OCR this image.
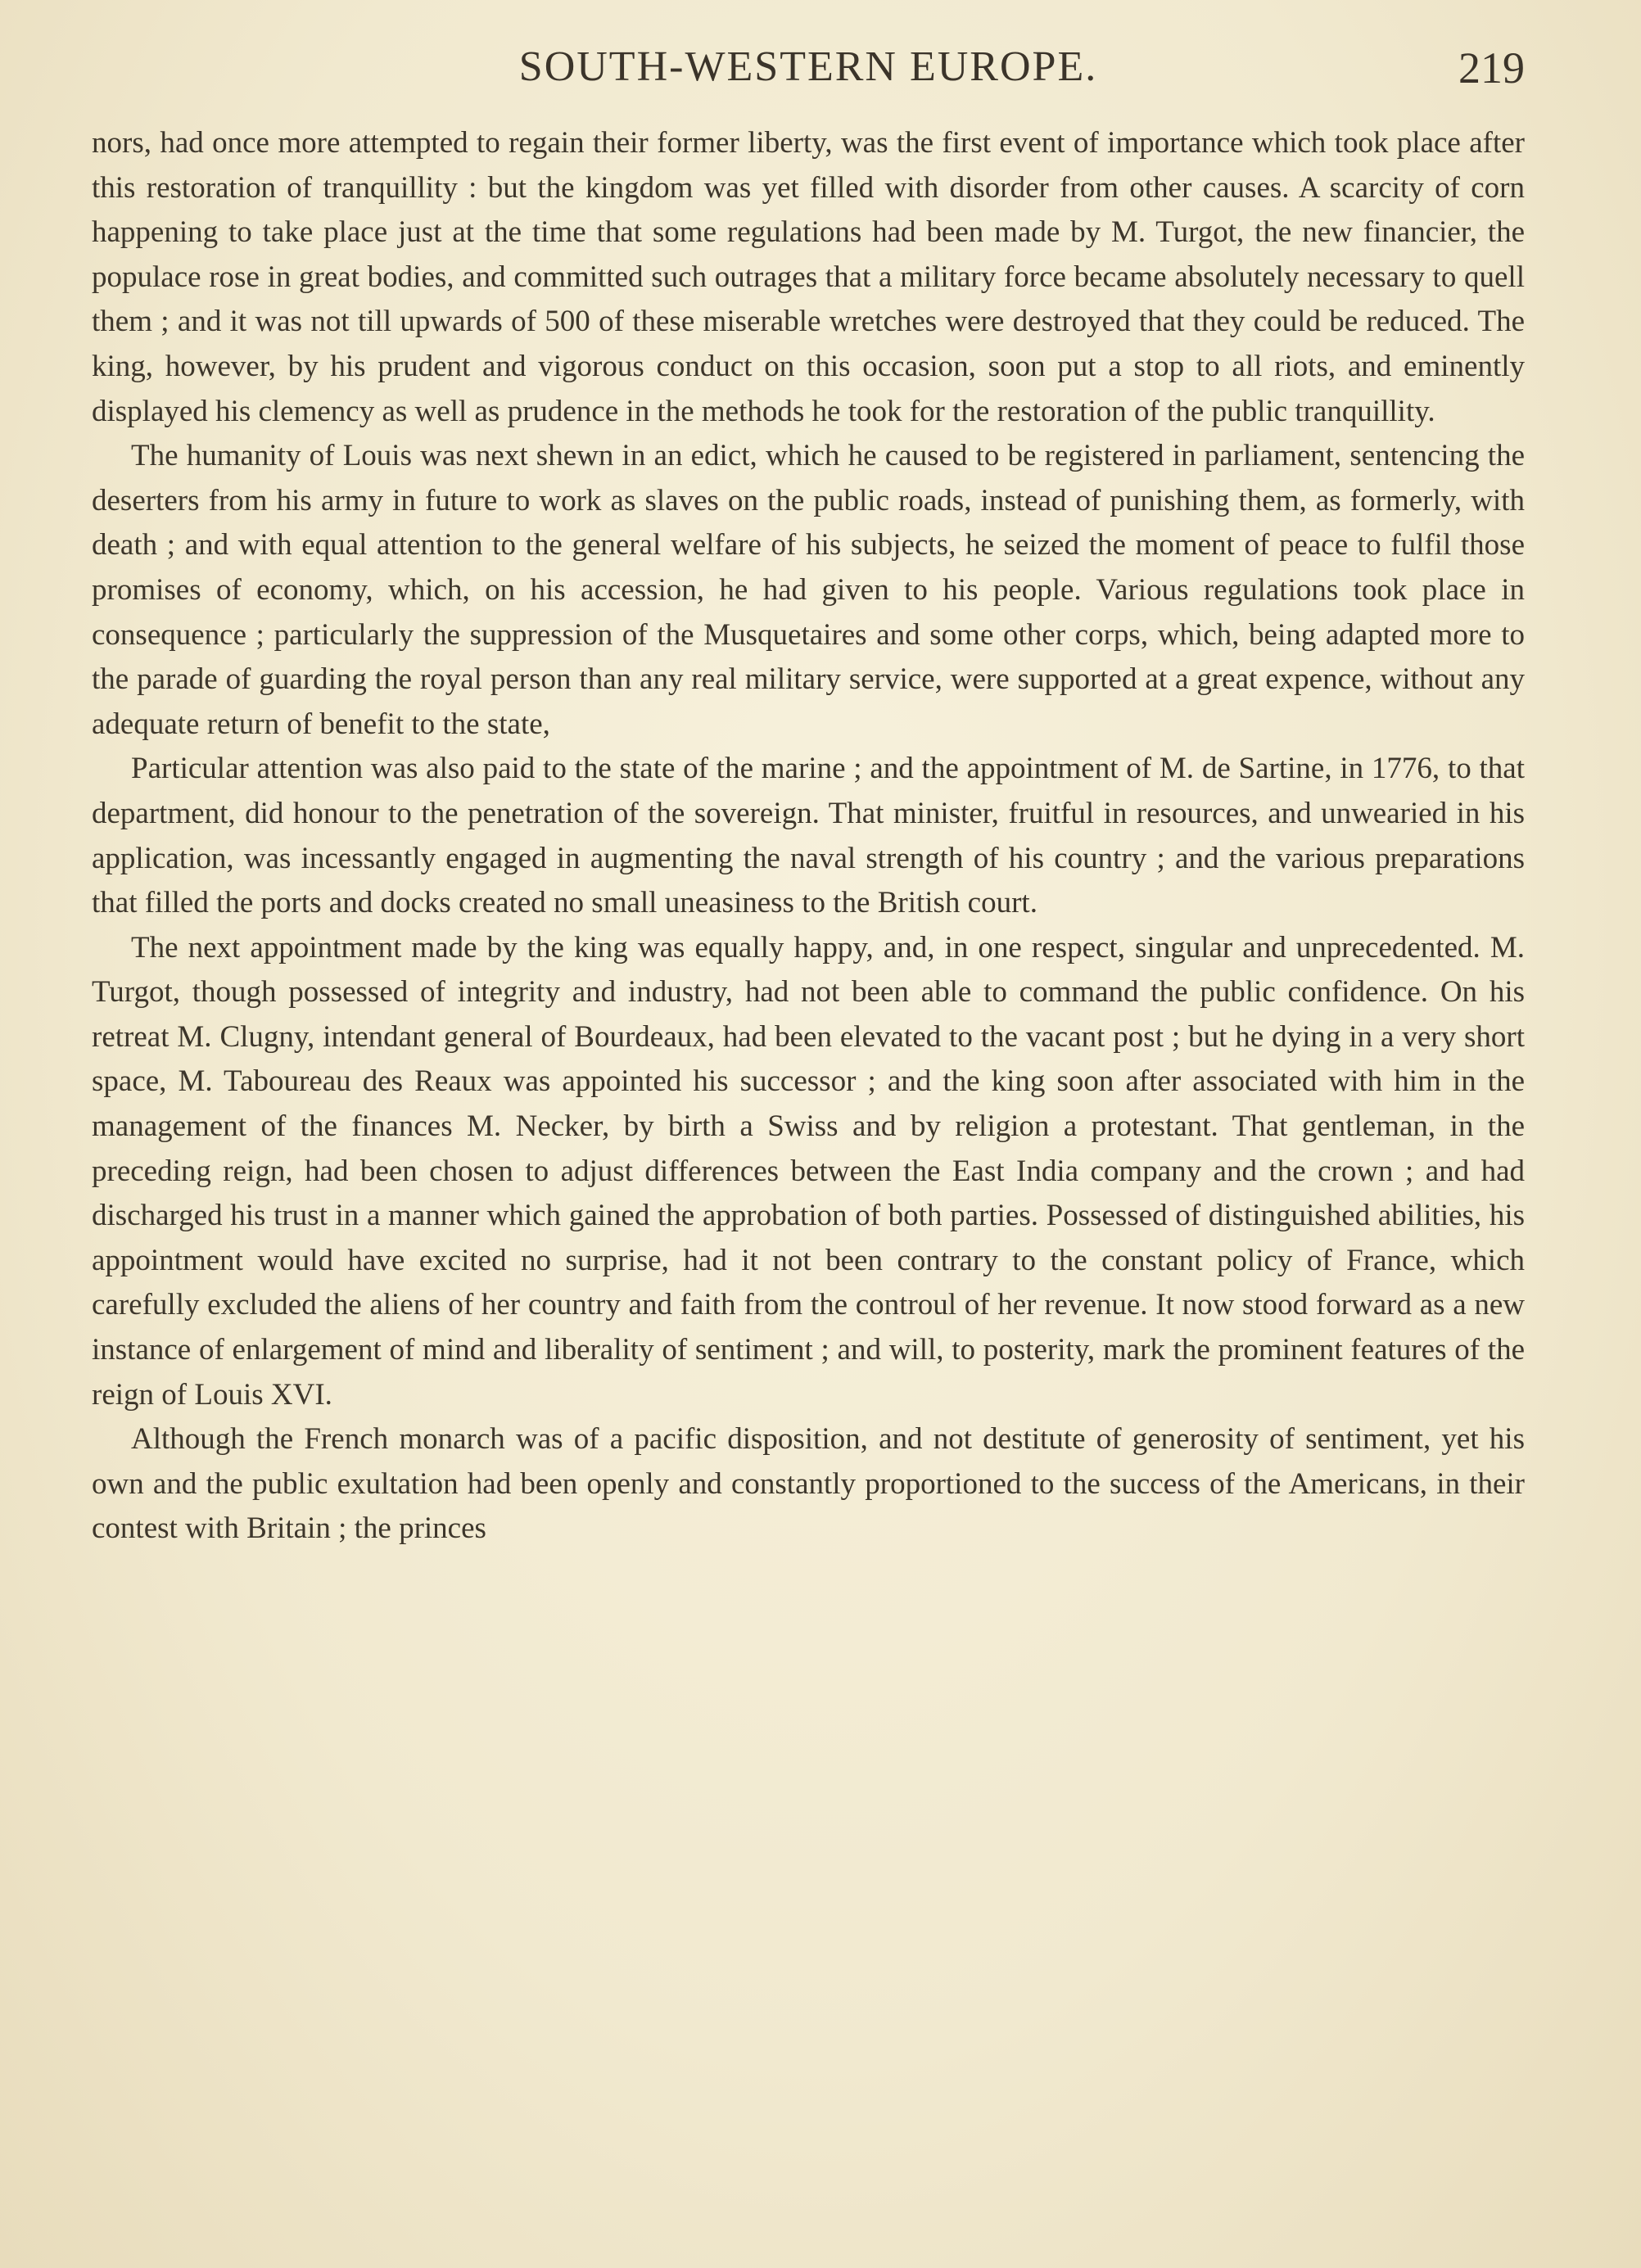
SOUTH-WESTERN EUROPE.	219

nors, had once more attempted to regain their former liberty, was the first event of importance which took place after this restoration of tranquillity : but the kingdom was yet filled with disorder from other causes. A scarcity of corn happening to take place just at the time that some regulations had been made by M. Turgot, the new financier, the populace rose in great bodies, and committed such outrages that a military force became absolutely necessary to quell them ; and it was not till upwards of 500 of these miserable wretches were destroyed that they could be reduced. The king, however, by his prudent and vigorous conduct on this occasion, soon put a stop to all riots, and eminently displayed his clemency as well as prudence in the methods he took for the restoration of the public tranquillity.

The humanity of Louis was next shewn in an edict, which he caused to be registered in parliament, sentencing the deserters from his army in future to work as slaves on the public roads, instead of punishing them, as formerly, with death ; and with equal attention to the general welfare of his subjects, he seized the moment of peace to fulfil those promises of economy, which, on his accession, he had given to his people. Various regulations took place in consequence ; particularly the suppression of the Musquetaires and some other corps, which, being adapted more to the parade of guarding the royal person than any real military service, were supported at a great expence, without any adequate return of benefit to the state,

Particular attention was also paid to the state of the marine ; and the appointment of M. de Sartine, in 1776, to that department, did honour to the penetration of the sovereign. That minister, fruitful in resources, and unwearied in his application, was incessantly engaged in augmenting the naval strength of his country ; and the various preparations that filled the ports and docks created no small uneasiness to the British court.

The next appointment made by the king was equally happy, and, in one respect, singular and unprecedented. M. Turgot, though possessed of integrity and industry, had not been able to command the public confidence. On his retreat M. Clugny, intendant general of Bourdeaux, had been elevated to the vacant post ; but he dying in a very short space, M. Taboureau des Reaux was appointed his successor ; and the king soon after associated with him in the management of the finances M. Necker, by birth a Swiss and by religion a protestant. That gentleman, in the preceding reign, had been chosen to adjust differences between the East India company and the crown ; and had discharged his trust in a manner which gained the approbation of both parties. Possessed of distinguished abilities, his appointment would have excited no surprise, had it not been contrary to the constant policy of France, which carefully excluded the aliens of her country and faith from the controul of her revenue. It now stood forward as a new instance of enlargement of mind and liberality of sentiment ; and will, to posterity, mark the prominent features of the reign of Louis XVI.

Although the French monarch was of a pacific disposition, and not destitute of generosity of sentiment, yet his own and the public exultation had been openly and constantly proportioned to the success of the Americans, in their contest with Britain ; the princes
